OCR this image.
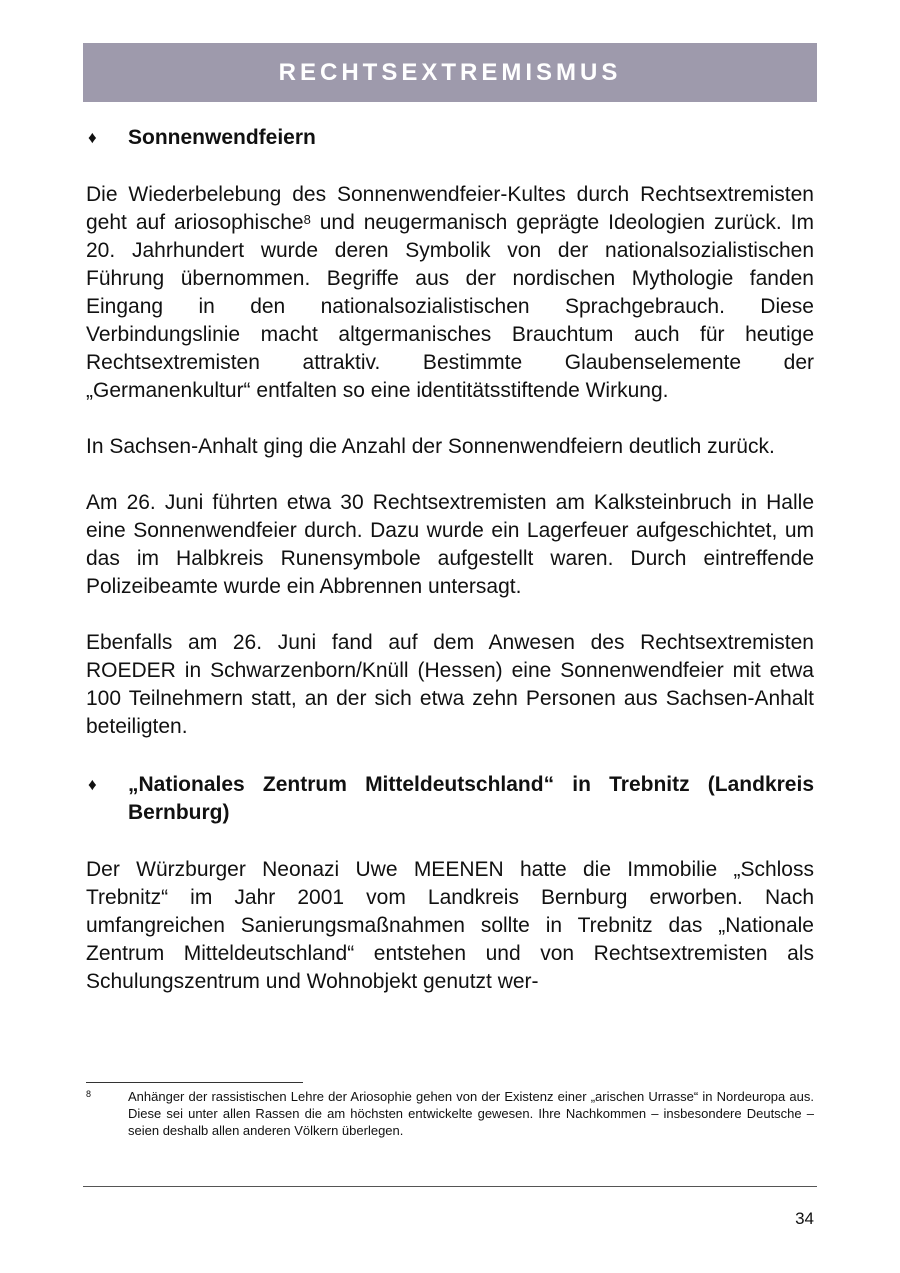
RECHTSEXTREMISMUS
♦	Sonnenwendfeiern

Die Wiederbelebung des Sonnenwendfeier-Kultes durch Rechtsextremisten geht auf ariosophische$^8$ und neugermanisch geprägte Ideologien zurück. Im 20. Jahrhundert wurde deren Symbolik von der nationalsozialistischen Führung übernommen. Begriffe aus der nordischen Mythologie fanden Eingang in den nationalsozialistischen Sprachgebrauch. Diese Verbindungslinie macht altgermanisches Brauchtum auch für heutige Rechtsextremisten attraktiv. Bestimmte Glaubenselemente der „Germanenkultur“ entfalten so eine identitätsstiftende Wirkung.

In Sachsen-Anhalt ging die Anzahl der Sonnenwendfeiern deutlich zurück.

Am 26. Juni führten etwa 30 Rechtsextremisten am Kalksteinbruch in Halle eine Sonnenwendfeier durch. Dazu wurde ein Lagerfeuer aufgeschichtet, um das im Halbkreis Runensymbole aufgestellt waren. Durch eintreffende Polizeibeamte wurde ein Abbrennen untersagt.

Ebenfalls am 26. Juni fand auf dem Anwesen des Rechtsextremisten ROEDER in Schwarzenborn/Knüll (Hessen) eine Sonnenwendfeier mit etwa 100 Teilnehmern statt, an der sich etwa zehn Personen aus Sachsen-Anhalt beteiligten.

♦	„Nationales Zentrum Mitteldeutschland“ in Trebnitz (Landkreis Bernburg)

Der Würzburger Neonazi Uwe MEENEN hatte die Immobilie „Schloss Trebnitz“ im Jahr 2001 vom Landkreis Bernburg erworben. Nach umfangreichen Sanierungsmaßnahmen sollte in Trebnitz das „Nationale Zentrum Mitteldeutschland“ entstehen und von Rechtsextremisten als Schulungszentrum und Wohnobjekt genutzt wer-

8	Anhänger der rassistischen Lehre der Ariosophie gehen von der Existenz einer „arischen Urrasse“ in Nordeuropa aus. Diese sei unter allen Rassen die am höchsten entwickelte gewesen. Ihre Nachkommen – insbesondere Deutsche – seien deshalb allen anderen Völkern überlegen.
34
